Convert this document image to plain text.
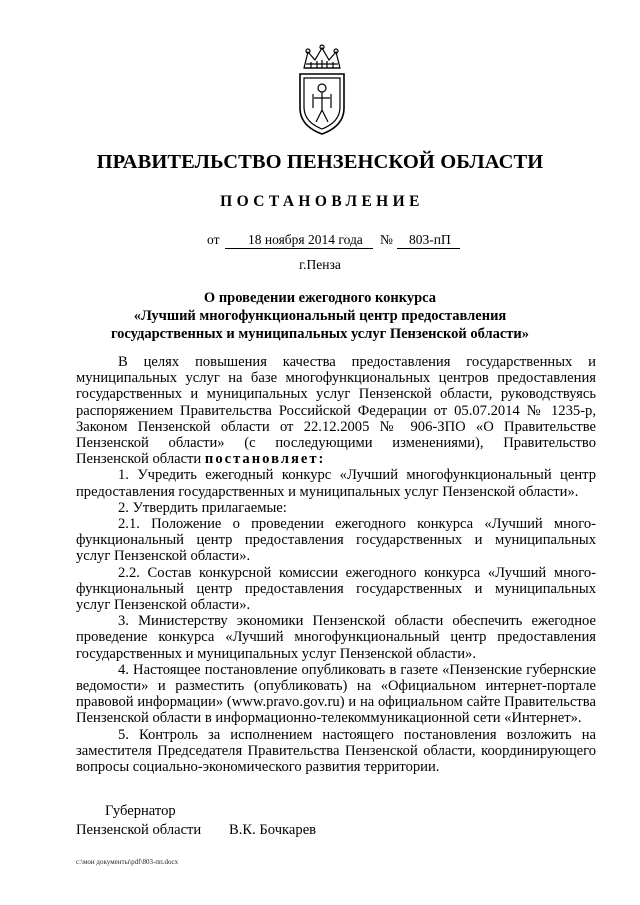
ПРАВИТЕЛЬСТВО ПЕНЗЕНСКОЙ ОБЛАСТИ
ПОСТАНОВЛЕНИЕ
от 18 ноября 2014 года № 803-пП
г.Пенза
О проведении ежегодного конкурса
«Лучший многофункциональный центр предоставления
государственных и муниципальных услуг Пензенской области»

В целях повышения качества предоставления государственных и

муниципальных услуг на базе многофункциональных центров предоставления

государственных и муниципальных услуг Пензенской области, руководствуясь

распоряжением Правительства Российской Федерации от 05.07.2014 № 1235-р,

Законом Пензенской области от 22.12.2005 № 906-ЗПО «О Правительстве

Пензенской области» (с последующими изменениями), Правительство

Пензенской области постановляет:

1. Учредить ежегодный конкурс «Лучший многофункциональный центр

предоставления государственных и муниципальных услуг Пензенской области».

2. Утвердить прилагаемые:

2.1. Положение о проведении ежегодного конкурса «Лучший много-

функциональный центр предоставления государственных и муниципальных

услуг Пензенской области».

2.2. Состав конкурсной комиссии ежегодного конкурса «Лучший много-

функциональный центр предоставления государственных и муниципальных

услуг Пензенской области».

3. Министерству экономики Пензенской области обеспечить ежегодное

проведение конкурса «Лучший многофункциональный центр предоставления

государственных и муниципальных услуг Пензенской области».

4. Настоящее постановление опубликовать в газете «Пензенские губернские

ведомости» и разместить (опубликовать) на «Официальном интернет-портале

правовой информации» (www.pravo.gov.ru) и на официальном сайте Правительства

Пензенской области в информационно-телекоммуникационной сети «Интернет».

5. Контроль за исполнением настоящего постановления возложить на

заместителя Председателя Правительства Пензенской области, координирующего

вопросы социально-экономического развития территории.

Губернатор
Пензенской области В.К. Бочкарев
c:\мои документы\pdf\803-пп.docx
